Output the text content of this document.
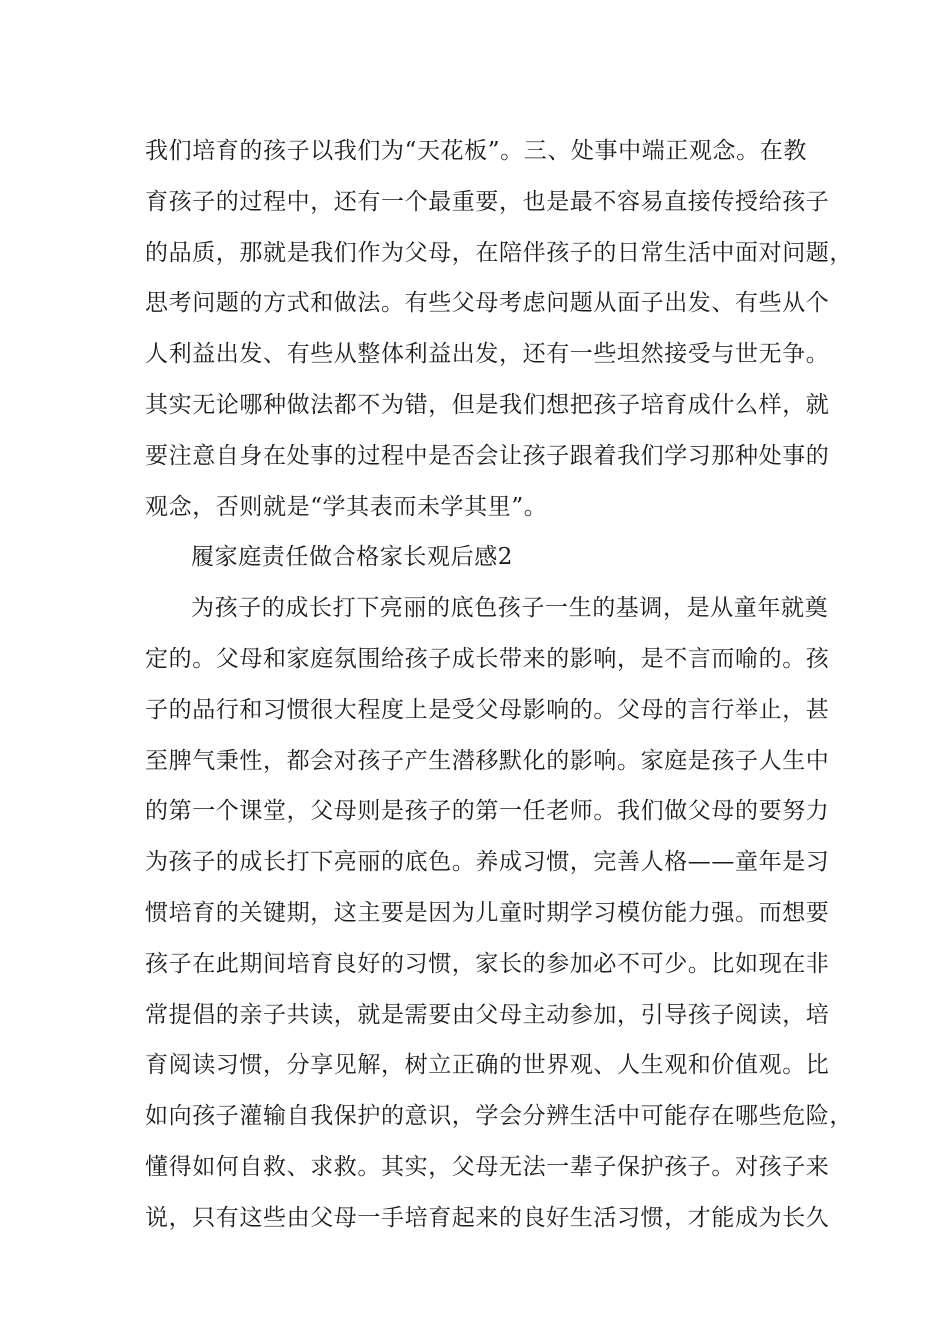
我们培育的孩子以我们为“天花板”。三、处事中端正观念。在教
育孩子的过程中，还有一个最重要，也是最不容易直接传授给孩子
的品质，那就是我们作为父母，在陪伴孩子的日常生活中面对问题，
思考问题的方式和做法。有些父母考虑问题从面子出发、有些从个
人利益出发、有些从整体利益出发，还有一些坦然接受与世无争。
其实无论哪种做法都不为错，但是我们想把孩子培育成什么样，就
要注意自身在处事的过程中是否会让孩子跟着我们学习那种处事的
观念，否则就是“学其表而未学其里”。
履家庭责任做合格家长观后感2
为孩子的成长打下亮丽的底色孩子一生的基调，是从童年就奠
定的。父母和家庭氛围给孩子成长带来的影响，是不言而喻的。孩
子的品行和习惯很大程度上是受父母影响的。父母的言行举止，甚
至脾气秉性，都会对孩子产生潜移默化的影响。家庭是孩子人生中
的第一个课堂，父母则是孩子的第一任老师。我们做父母的要努力
为孩子的成长打下亮丽的底色。养成习惯，完善人格——童年是习
惯培育的关键期，这主要是因为儿童时期学习模仿能力强。而想要
孩子在此期间培育良好的习惯，家长的参加必不可少。比如现在非
常提倡的亲子共读，就是需要由父母主动参加，引导孩子阅读，培
育阅读习惯，分享见解，树立正确的世界观、人生观和价值观。比
如向孩子灌输自我保护的意识，学会分辨生活中可能存在哪些危险，
懂得如何自救、求救。其实，父母无法一辈子保护孩子。对孩子来
说，只有这些由父母一手培育起来的良好生活习惯，才能成为长久
